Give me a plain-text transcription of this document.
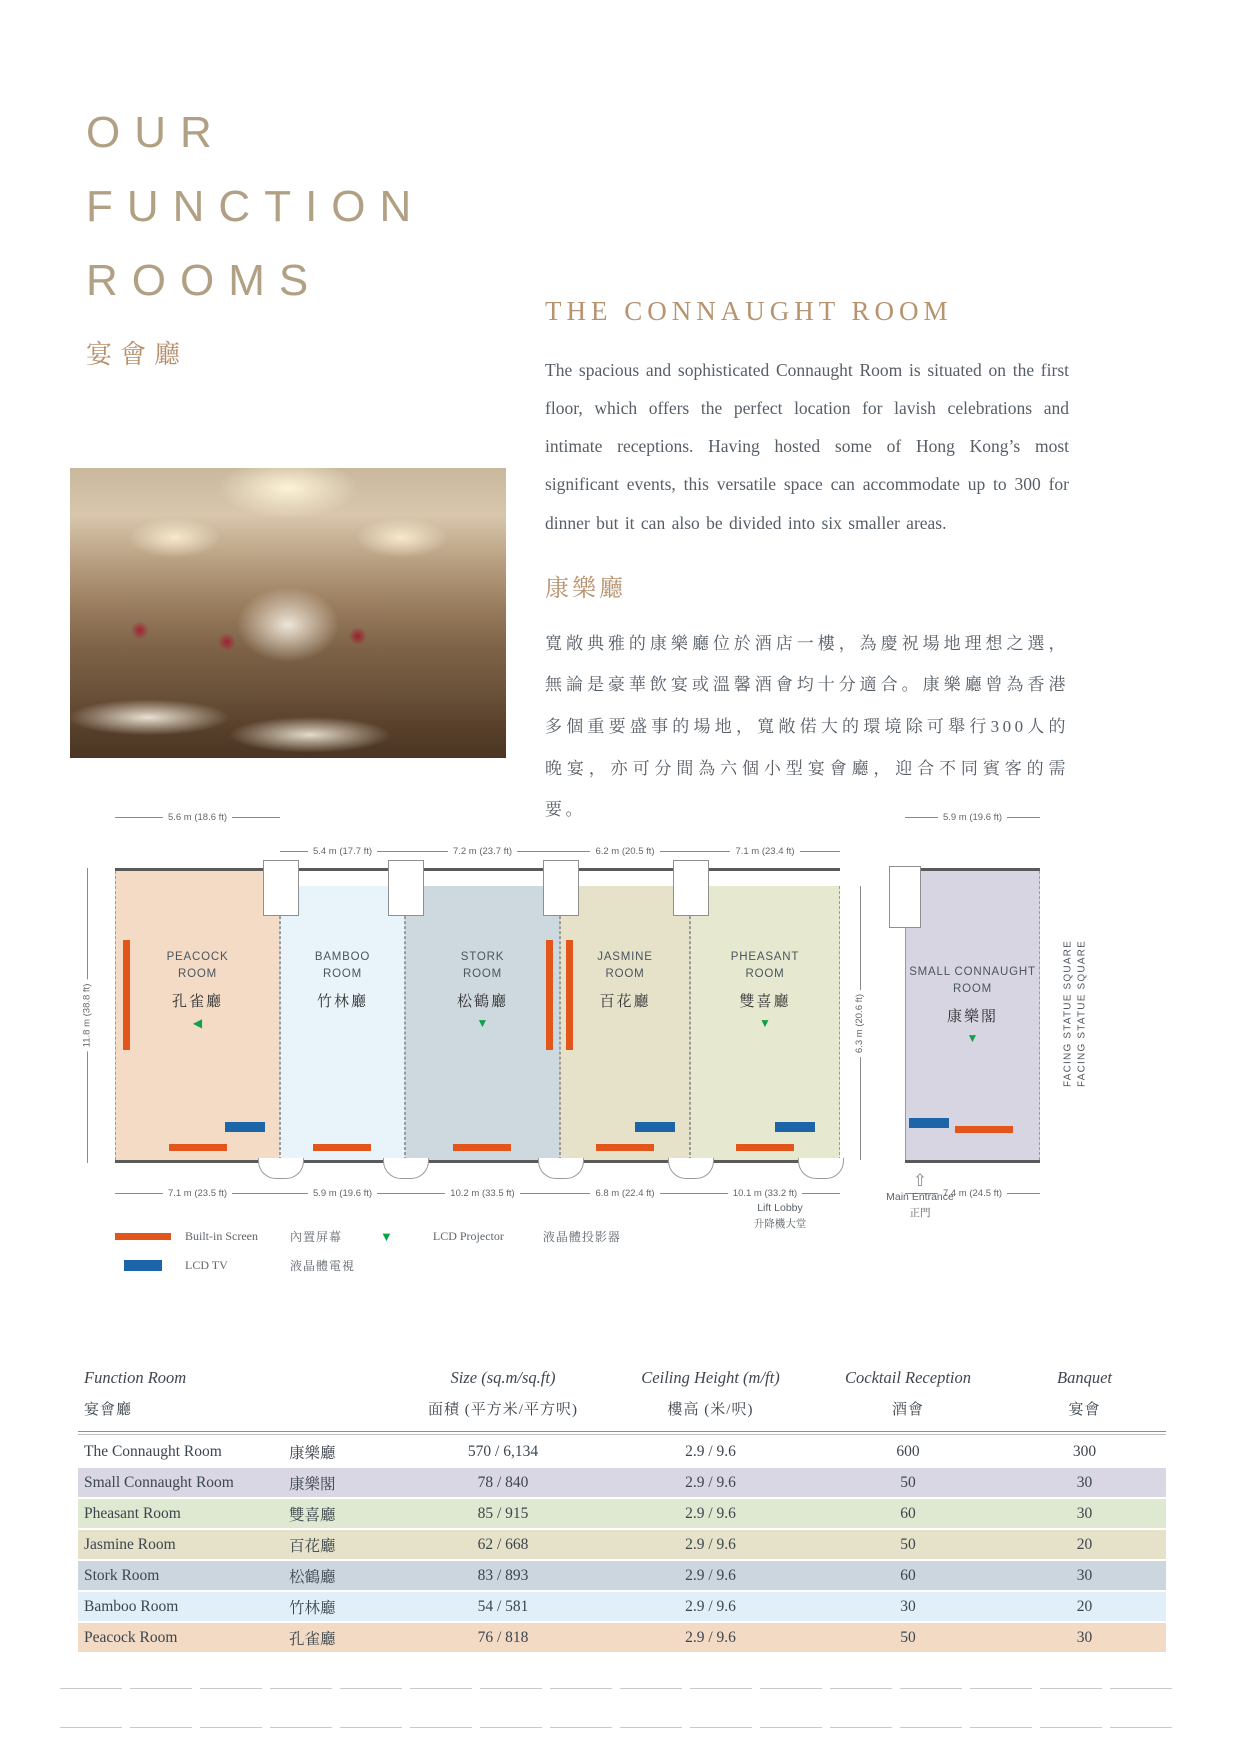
OUR
FUNCTION
ROOMS
宴會廳
THE CONNAUGHT ROOM

The spacious and sophisticated Connaught Room is situated on the first floor, which offers the perfect location for lavish celebrations and intimate receptions. Having hosted some of Hong Kong’s most significant events, this versatile space can accommodate up to 300 for dinner but it can also be divided into six smaller areas.

康樂廳

寬敞典雅的康樂廳位於酒店一樓，為慶祝場地理想之選，無論是豪華飲宴或溫馨酒會均十分適合。康樂廳曾為香港多個重要盛事的場地，寬敞偌大的環境除可舉行300人的晚宴，亦可分間為六個小型宴會廳，迎合不同賓客的需要。

5.6 m (18.6 ft)
5.4 m (17.7 ft)	7.2 m (23.7 ft)	6.2 m (20.5 ft)	7.1 m (23.4 ft)
5.9 m (19.6 ft)
PEACOCK
ROOM
孔雀廳
◀
BAMBOO
ROOM
竹林廳
STORK
ROOM
松鶴廳
▼
JASMINE
ROOM
百花廳
PHEASANT
ROOM
雙喜廳
▼
SMALL CONNAUGHT
ROOM
康樂閣
▼
11.8 m (38.8 ft)	6.3 m (20.6 ft)
7.1 m (23.5 ft)	5.9 m (19.6 ft)	10.2 m (33.5 ft)	6.8 m (22.4 ft)	10.1 m (33.2 ft)	7.4 m (24.5 ft)
FACING STATUE SQUARE FACING STATUE SQUARE
Lift Lobby
升降機大堂
⇧
Main Entrance
正門
Built-in Screen	內置屏幕
LCD TV	液晶體電視
▼	LCD Projector	液晶體投影器
Function Room
宴會廳
Size (sq.m/sq.ft)
面積 (平方米/平方呎)
Ceiling Height (m/ft)
樓高 (米/呎)
Cocktail Reception
酒會
Banquet
宴會
The Connaught Room	康樂廳	570 / 6,134	2.9 / 9.6	600	300
Small Connaught Room	康樂閣	78 / 840	2.9 / 9.6	50	30
Pheasant Room	雙喜廳	85 / 915	2.9 / 9.6	60	30
Jasmine Room	百花廳	62 / 668	2.9 / 9.6	50	20
Stork Room	松鶴廳	83 / 893	2.9 / 9.6	60	30
Bamboo Room	竹林廳	54 / 581	2.9 / 9.6	30	20
Peacock Room	孔雀廳	76 / 818	2.9 / 9.6	50	30
